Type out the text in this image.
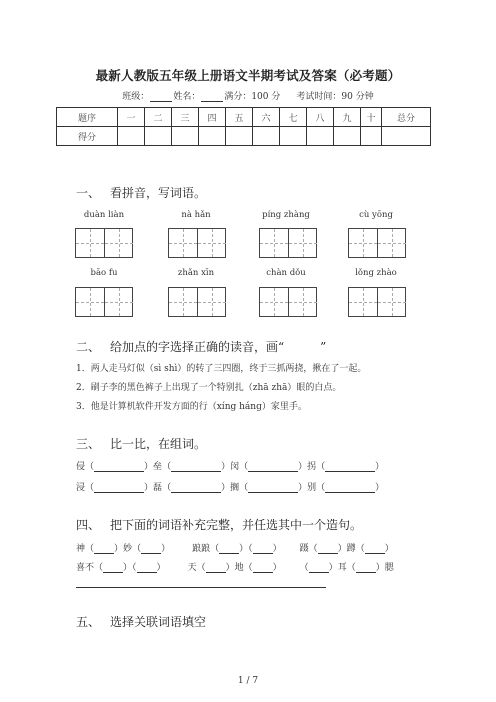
最新人教版五年级上册语文半期考试及答案（必考题）
班级：	姓名：	满分：100 分 考试时间：90 分钟
题序	一	二	三	四	五	六	七	八	九	十	总分
得分											
一、 看拼音，写词语。
duàn liàn	nà hǎn	píng zhàng	cù yōng
bāo fu	zhǎn xīn	chàn dǒu	lǒng zhào
二、 给加点的字选择正确的读音，画“　　　”
1．两人走马灯似（sì shì）的转了三四圈，终于三抓两挠，揪在了一起。
2．刷子李的黑色裤子上出现了一个特别扎（zhā zhā）眼的白点。
3．他是计算机软件开发方面的行（xíng háng）家里手。
三、 比一比，在组词。
侵（	）垒（	）闵（	）拐（	）
浸（	）磊（	）搁（	）别（	）
四、 把下面的词语补充完整，并任选其中一个造句。
神（ ）妙（ ） 踉踉（ ）（ ） 蹑（ ）蹲（ ）
喜不（ ）（ ） 天（ ）地（ ） （ ）耳（ ）腮
五、 选择关联词语填空
1 / 7
